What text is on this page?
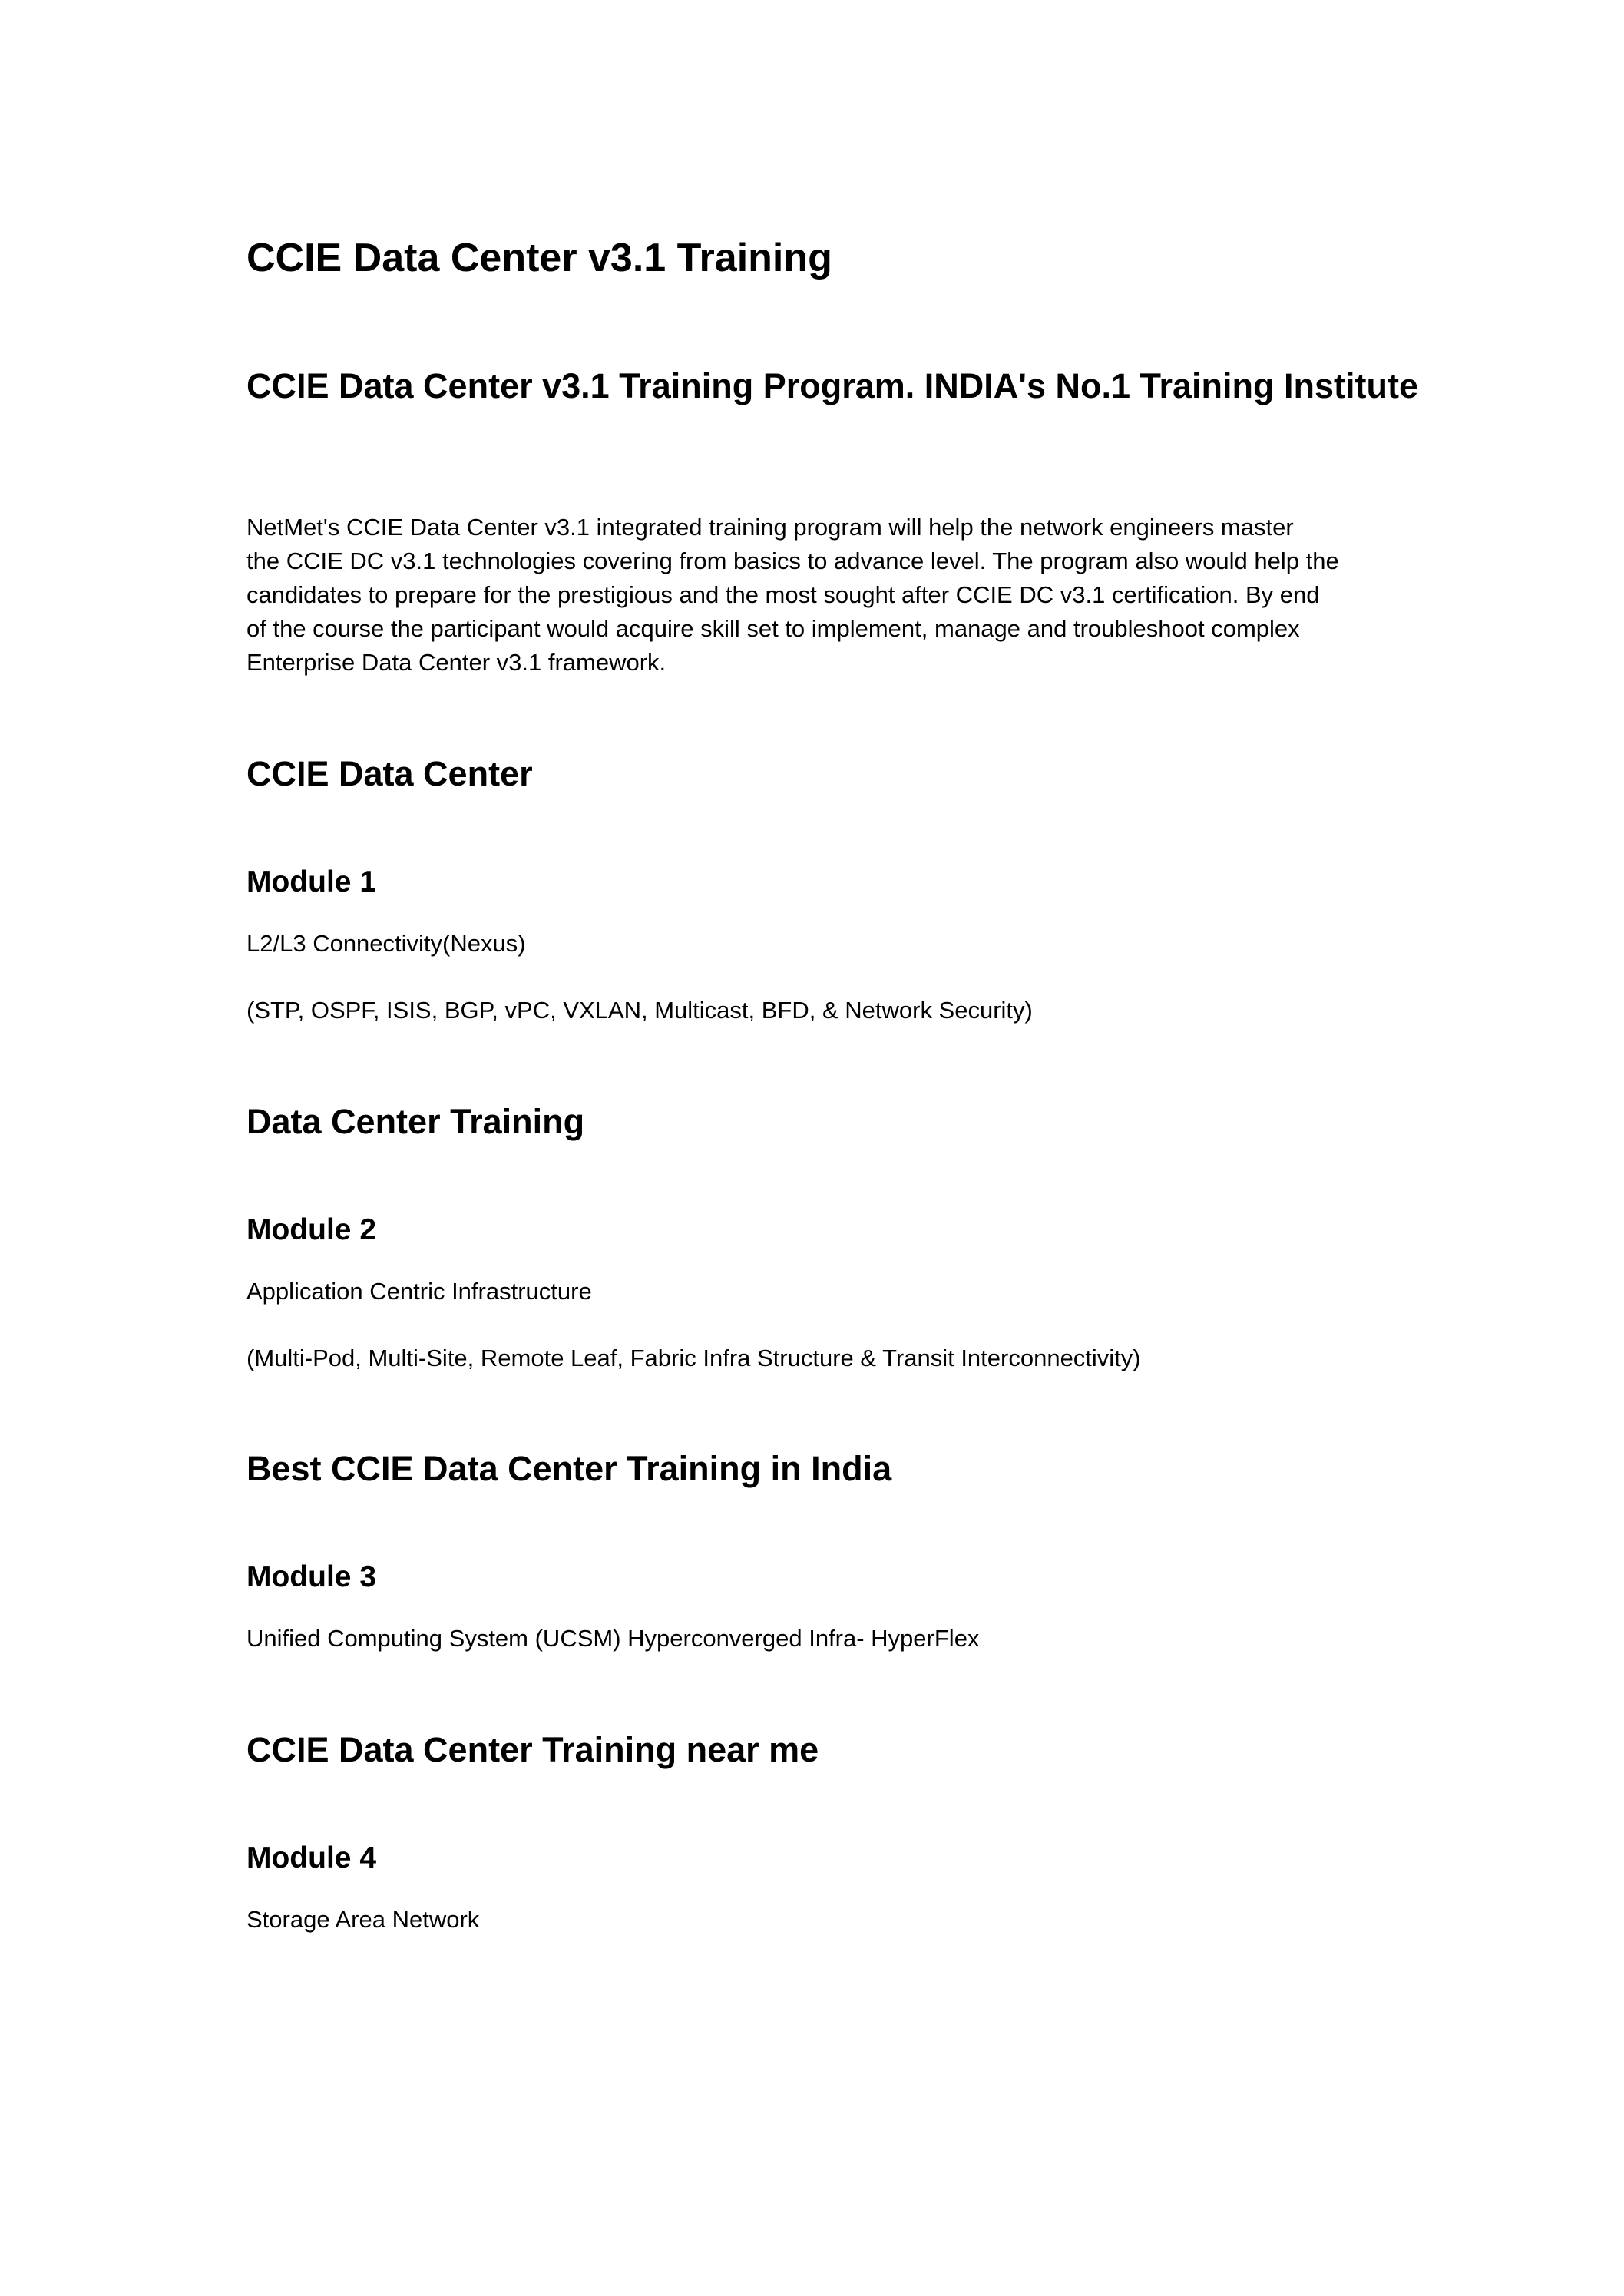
CCIE Data Center v3.1 Training
CCIE Data Center v3.1 Training Program. INDIA's No.1 Training Institute
NetMet's CCIE Data Center v3.1 integrated training program will help the network engineers master
the CCIE DC v3.1 technologies covering from basics to advance level. The program also would help the
candidates to prepare for the prestigious and the most sought after CCIE DC v3.1 certification. By end
of the course the participant would acquire skill set to implement, manage and troubleshoot complex
Enterprise Data Center v3.1 framework.
CCIE Data Center
Module 1

L2/L3 Connectivity(Nexus)

(STP, OSPF, ISIS, BGP, vPC, VXLAN, Multicast, BFD, & Network Security)

Data Center Training
Module 2

Application Centric Infrastructure

(Multi-Pod, Multi-Site, Remote Leaf, Fabric Infra Structure & Transit Interconnectivity)

Best CCIE Data Center Training in India
Module 3

Unified Computing System (UCSM) Hyperconverged Infra- HyperFlex

CCIE Data Center Training near me
Module 4

Storage Area Network
